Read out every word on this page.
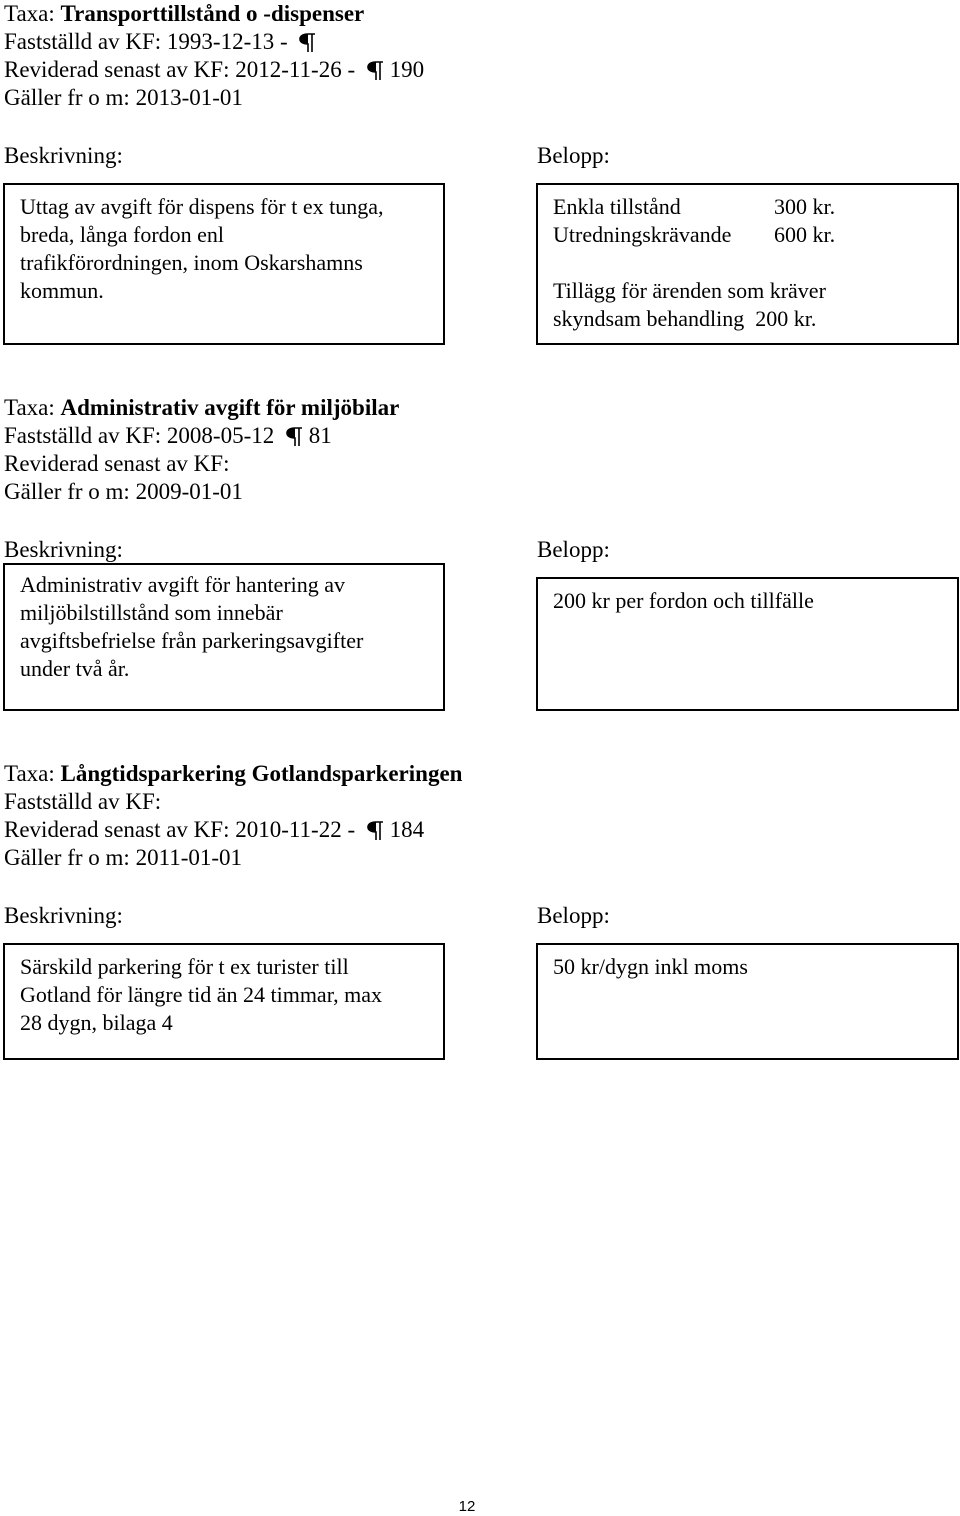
Taxa: Transporttillstånd o -dispenser
Fastställd av KF: 1993-12-13 -
Reviderad senast av KF: 2012-11-26 -  190
Gäller fr o m: 2013-01-01
Beskrivning:	Belopp:
Uttag av avgift för dispens för t ex tunga,
breda, långa fordon enl
trafikförordningen, inom Oskarshamns
kommun.
Enkla tillstånd	300 kr.
Utredningskrävande 600 kr.
Tillägg för ärenden som kräver
skyndsam behandling  200 kr.
Taxa: Administrativ avgift för miljöbilar
Fastställd av KF: 2008-05-12  81
Reviderad senast av KF:
Gäller fr o m: 2009-01-01
Beskrivning:	Belopp:
Administrativ avgift för hantering av
miljöbilstillstånd som innebär
avgiftsbefrielse från parkeringsavgifter
under två år.
200 kr per fordon och tillfälle
Taxa: Långtidsparkering Gotlandsparkeringen
Fastställd av KF:
Reviderad senast av KF: 2010-11-22 -  184
Gäller fr o m: 2011-01-01
Beskrivning:	Belopp:
Särskild parkering för t ex turister till
Gotland för längre tid än 24 timmar, max
28 dygn, bilaga 4
50 kr/dygn inkl moms
12
